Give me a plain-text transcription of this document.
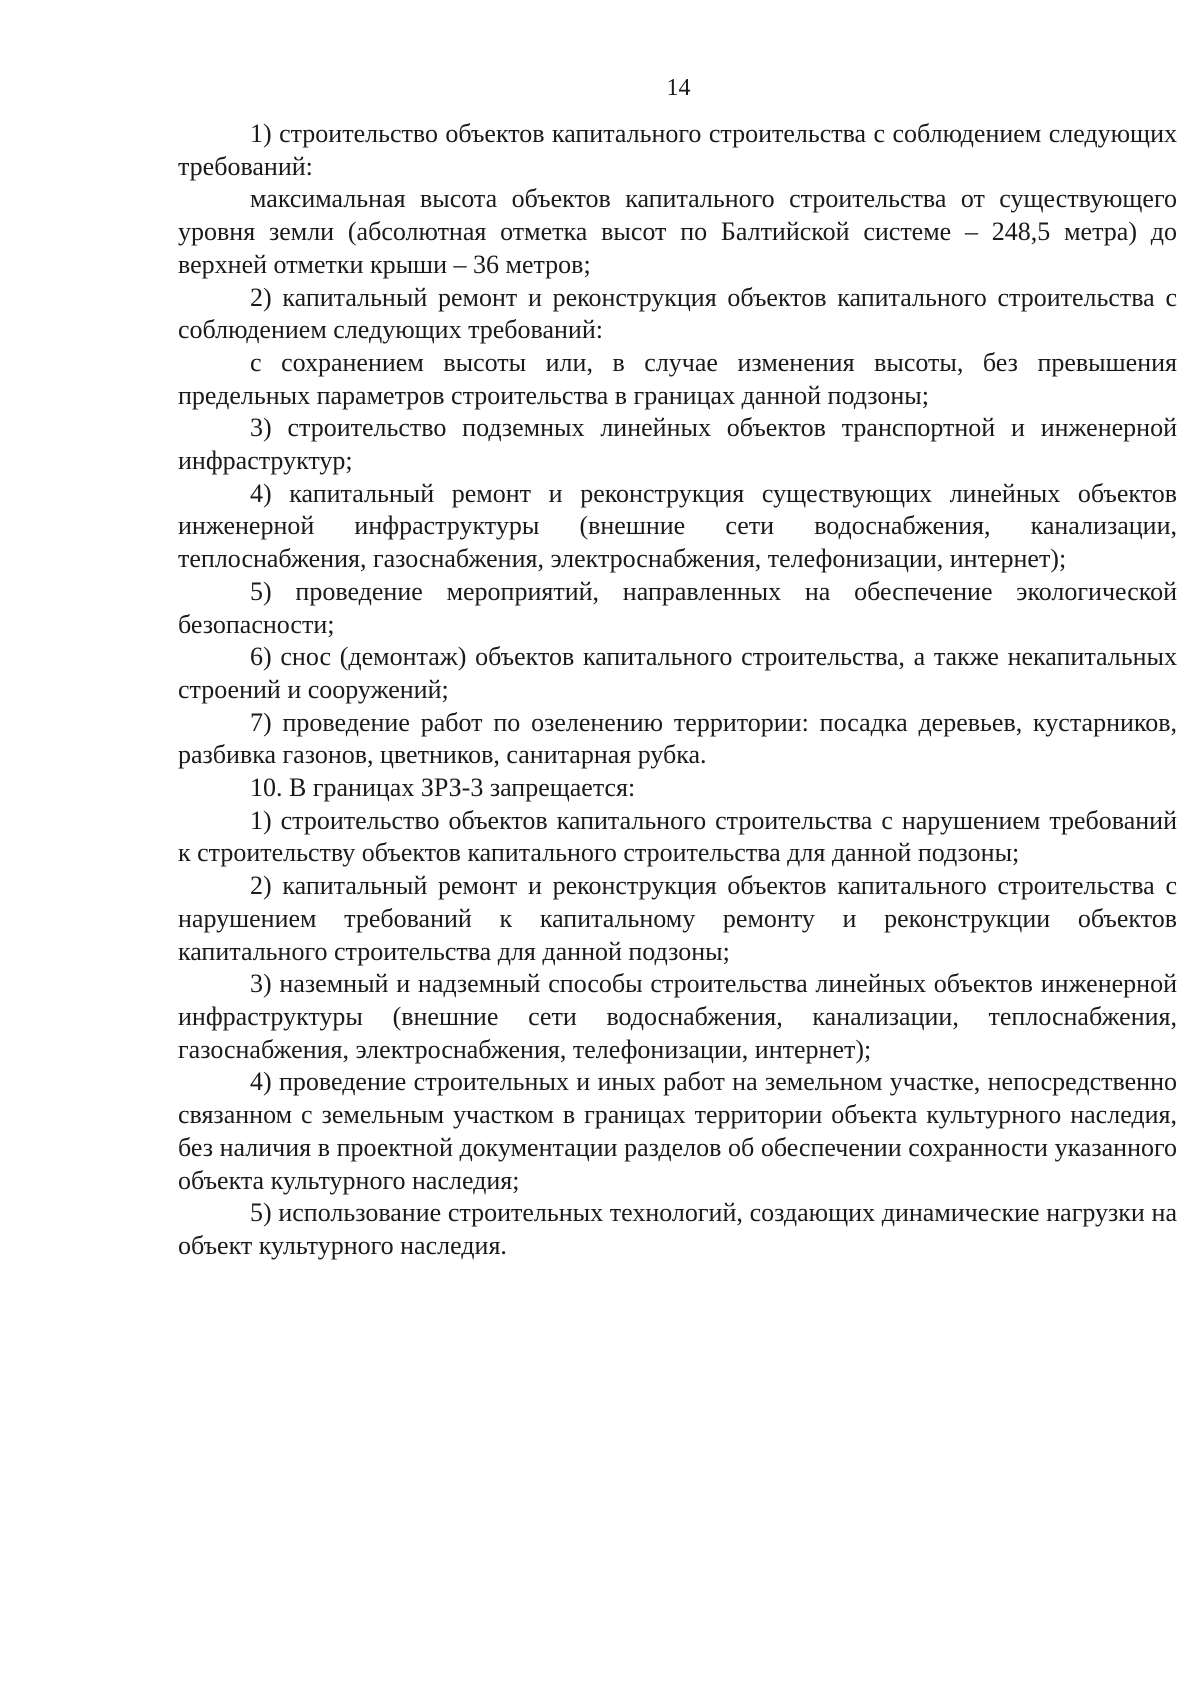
14

1) строительство объектов капитального строительства с соблюдением следующих требований:

максимальная высота объектов капитального строительства от существующего уровня земли (абсолютная отметка высот по Балтийской системе – 248,5 метра) до верхней отметки крыши – 36 метров;

2) капитальный ремонт и реконструкция объектов капитального строительства с соблюдением следующих требований:

с сохранением высоты или, в случае изменения высоты, без превышения предельных параметров строительства в границах данной подзоны;

3) строительство подземных линейных объектов транспортной и инженерной инфраструктур;

4) капитальный ремонт и реконструкция существующих линейных объектов инженерной инфраструктуры (внешние сети водоснабжения, канализации, теплоснабжения, газоснабжения, электроснабжения, телефонизации, интернет);

5) проведение мероприятий, направленных на обеспечение экологической безопасности;

6) снос (демонтаж) объектов капитального строительства, а также некапитальных строений и сооружений;

7) проведение работ по озеленению территории: посадка деревьев, кустарников, разбивка газонов, цветников, санитарная рубка.

10. В границах ЗРЗ-3 запрещается:

1) строительство объектов капитального строительства с нарушением требований к строительству объектов капитального строительства для данной подзоны;

2) капитальный ремонт и реконструкция объектов капитального строительства с нарушением требований к капитальному ремонту и реконструкции объектов капитального строительства для данной подзоны;

3) наземный и надземный способы строительства линейных объектов инженерной инфраструктуры (внешние сети водоснабжения, канализации, теплоснабжения, газоснабжения, электроснабжения, телефонизации, интернет);

4) проведение строительных и иных работ на земельном участке, непосредственно связанном с земельным участком в границах территории объекта культурного наследия, без наличия в проектной документации разделов об обеспечении сохранности указанного объекта культурного наследия;

5) использование строительных технологий, создающих динамические нагрузки на объект культурного наследия.
